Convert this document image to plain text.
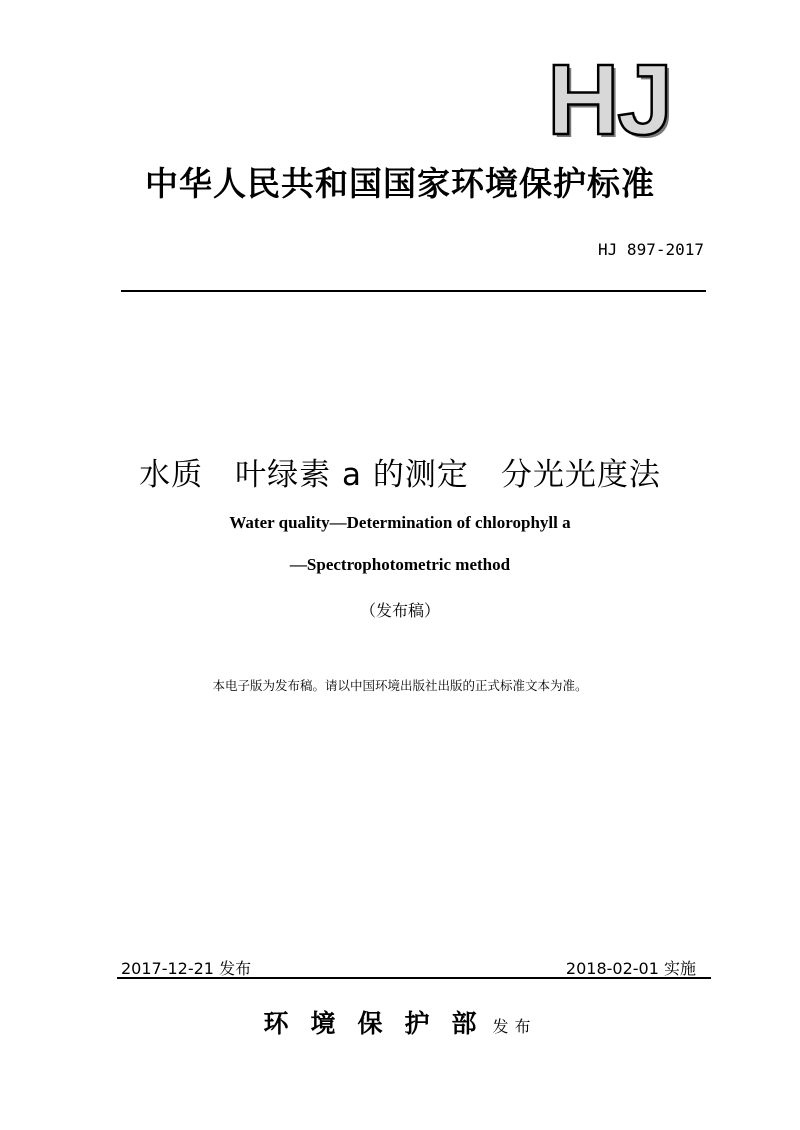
HJ
中华人民共和国国家环境保护标准
HJ 897-2017
水质　叶绿素 a 的测定　分光光度法
Water quality—Determination of chlorophyll a
—Spectrophotometric method
（发布稿）
本电子版为发布稿。请以中国环境出版社出版的正式标准文本为准。
2017-12-21 发布	2018-02-01 实施
环境保护部
发布
